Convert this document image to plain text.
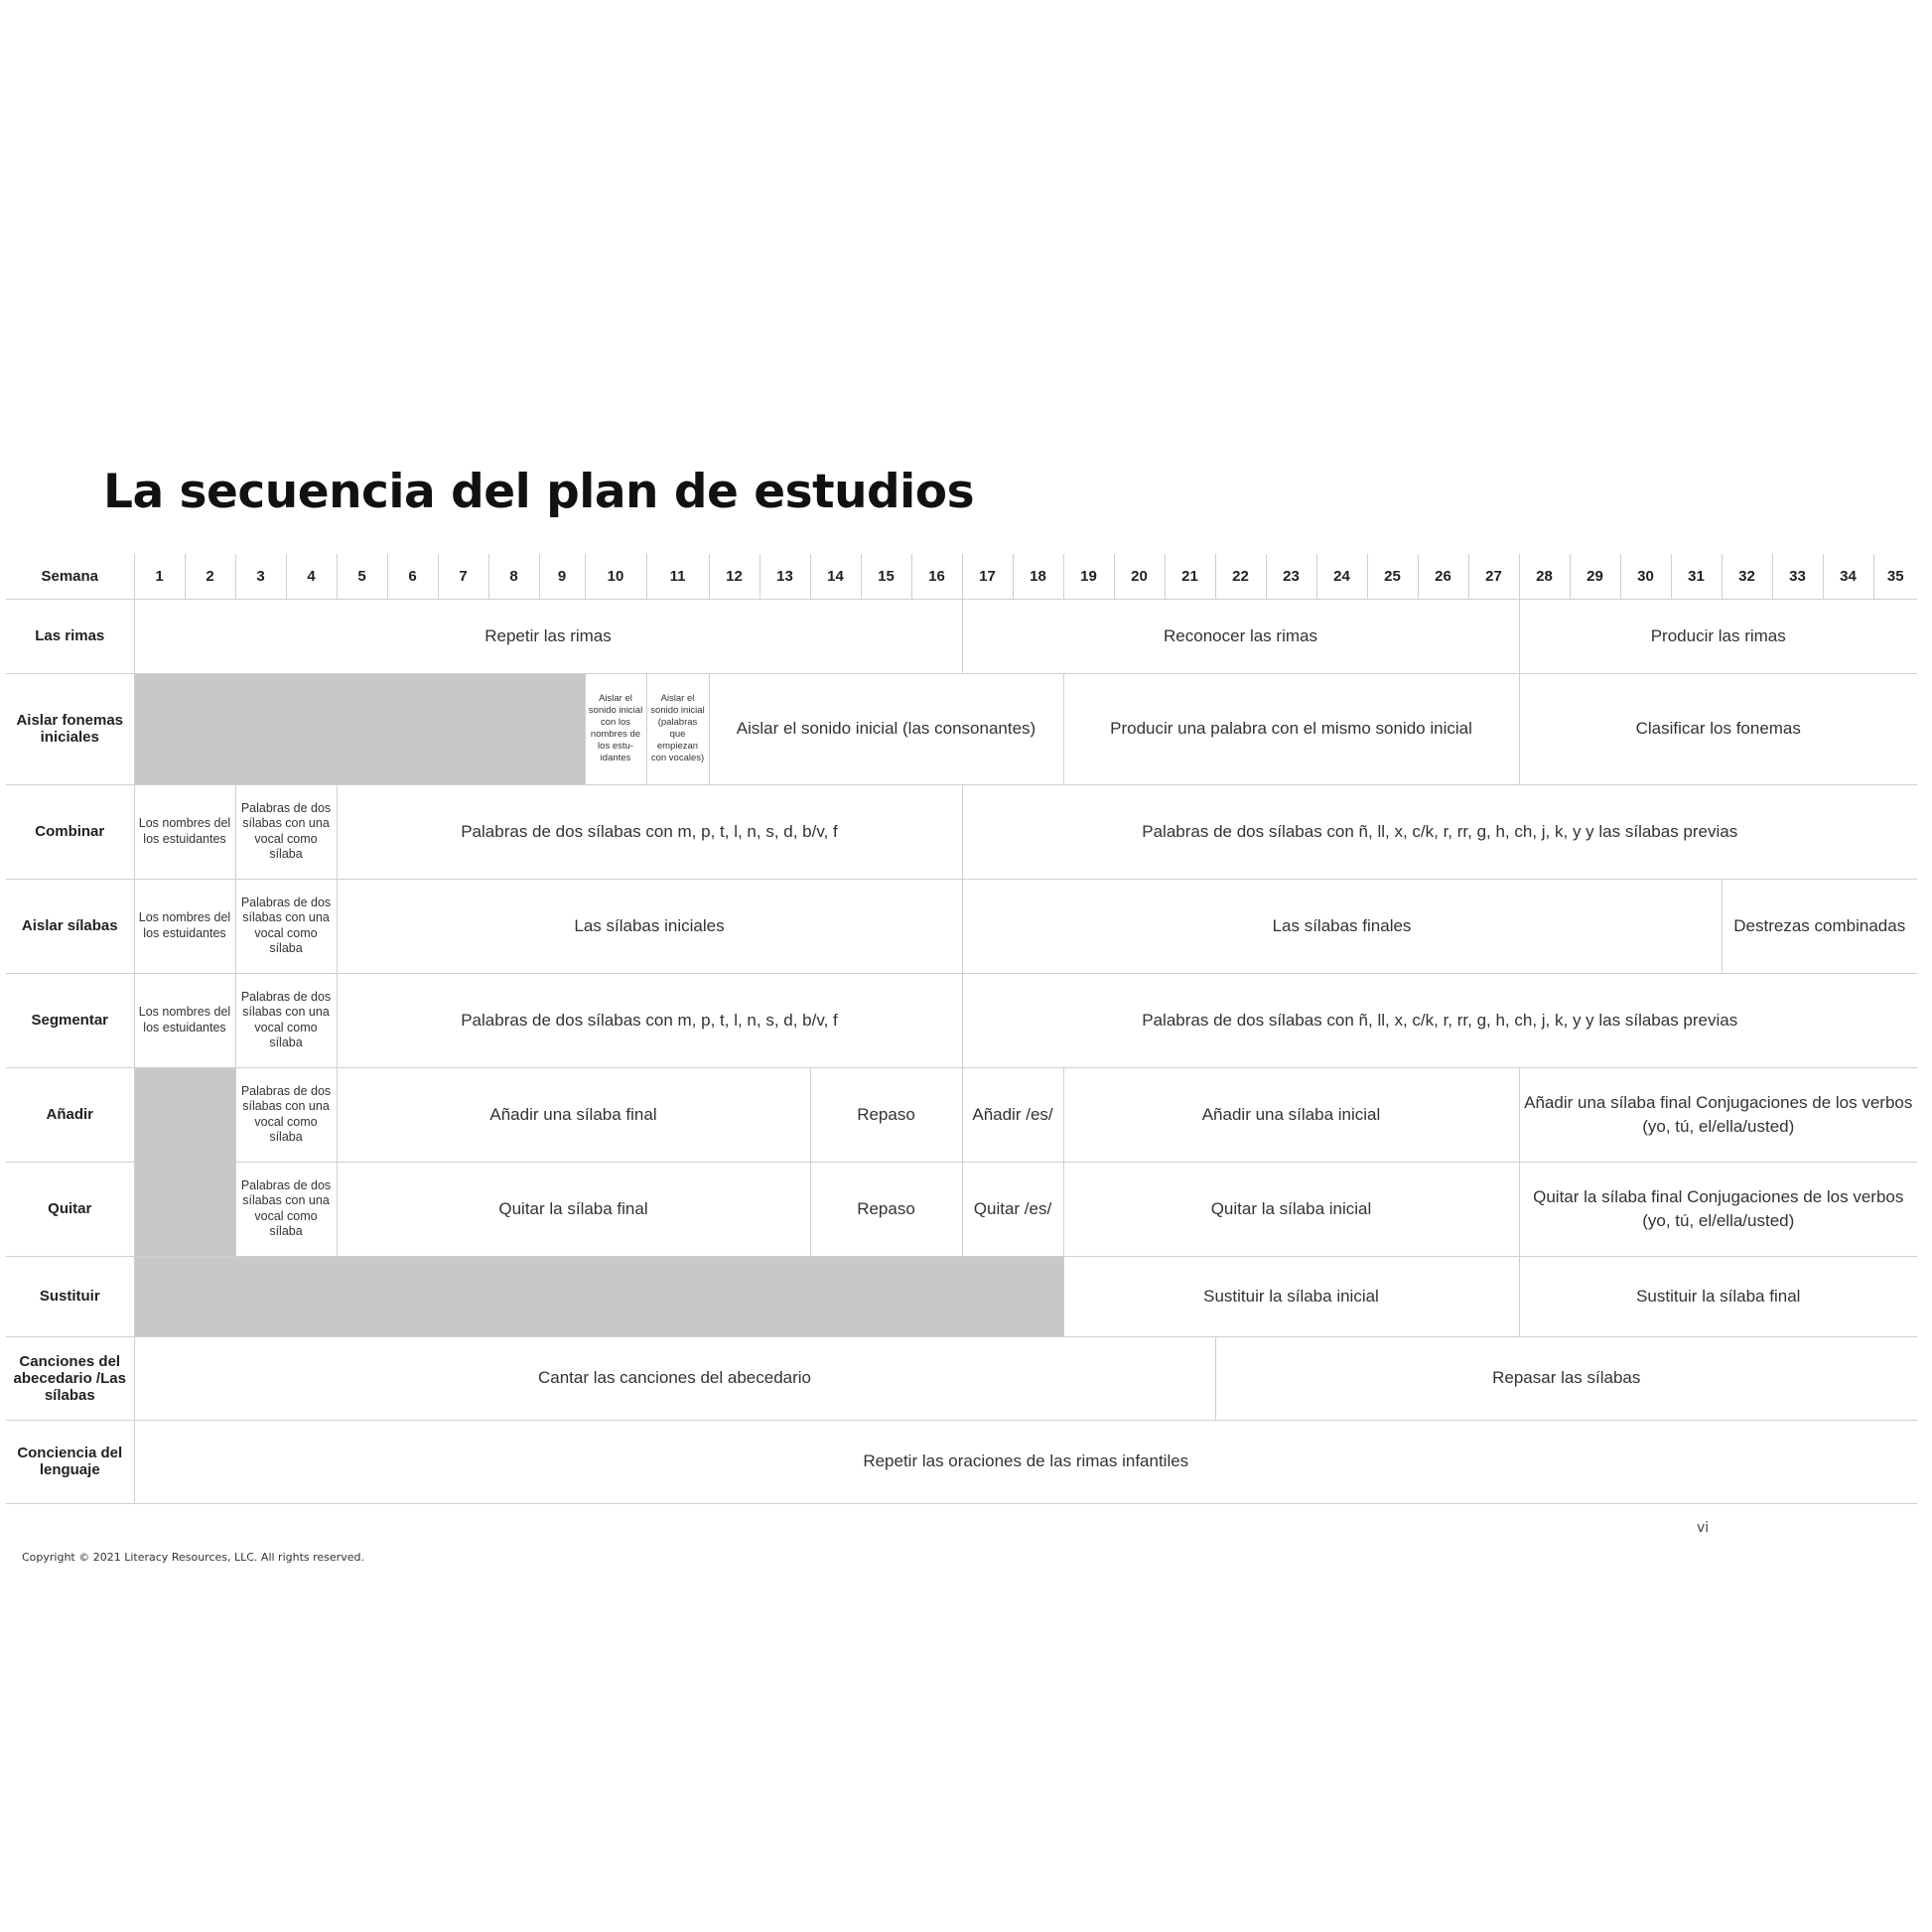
La secuencia del plan de estudios
Semana	1	2	3	4	5	6	7	8	9	10	11	12	13	14	15	16	17	18	19	20	21	22	23	24	25	26	27	28	29	30	31	32	33	34	35
Las rimas	Repetir las rimas																Reconocer las rimas											Producir las rimas							
Aislar fonemas iniciales										Aislar el sonido inicial con los nombres de los estu- idantes	Aislar el sonido inicial (palabras que empiezan con vocales)	Aislar el sonido inicial (las consonantes)							Producir una palabra con el mismo sonido inicial									Clasificar los fonemas							
Combinar	Los nombres del los estuidantes		Palabras de dos sílabas con una vocal como sílaba		Palabras de dos sílabas con m, p, t, l, n, s, d, b/v, f												Palabras de dos sílabas con ñ, ll, x, c/k, r, rr, g, h, ch, j, k, y y las sílabas previas																		
Aislar sílabas	Los nombres del los estuidantes		Palabras de dos sílabas con una vocal como sílaba		Las sílabas iniciales												Las sílabas finales															Destrezas combinadas			
Segmentar	Los nombres del los estuidantes		Palabras de dos sílabas con una vocal como sílaba		Palabras de dos sílabas con m, p, t, l, n, s, d, b/v, f												Palabras de dos sílabas con ñ, ll, x, c/k, r, rr, g, h, ch, j, k, y y las sílabas previas																		
Añadir			Palabras de dos sílabas con una vocal como sílaba		Añadir una sílaba final									Repaso			Añadir /es/		Añadir una sílaba inicial									Añadir una sílaba final Conjugaciones de los verbos (yo, tú, el/ella/usted)							
Quitar			Palabras de dos sílabas con una vocal como sílaba		Quitar la sílaba final									Repaso			Quitar /es/		Quitar la sílaba inicial									Quitar la sílaba final Conjugaciones de los verbos (yo, tú, el/ella/usted)							
Sustituir																			Sustituir la sílaba inicial									Sustituir la sílaba final							
Canciones del abecedario /Las sílabas	Cantar las canciones del abecedario																					Repasar las sílabas													
Conciencia del lenguaje	Repetir las oraciones de las rimas infantiles																																		
vi
Copyright © 2021 Literacy Resources, LLC. All rights reserved.
